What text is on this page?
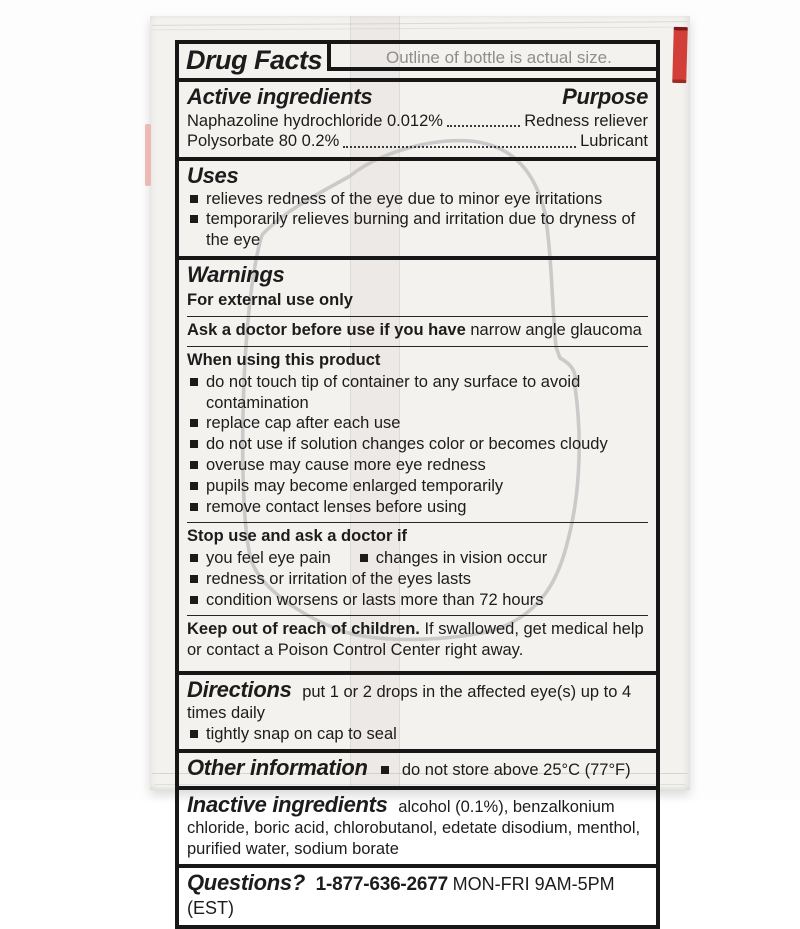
Drug Facts	Outline of bottle is actual size.
Active ingredients	Purpose
Naphazoline hydrochloride 0.012%	Redness reliever
Polysorbate 80 0.2%	Lubricant
Uses
relieves redness of the eye due to minor eye irritations
temporarily relieves burning and irritation due to dryness of the eye
Warnings
For external use only
Ask a doctor before use if you have narrow angle glaucoma
When using this product
do not touch tip of container to any surface to avoid contamination
replace cap after each use
do not use if solution changes color or becomes cloudy
overuse may cause more eye redness
pupils may become enlarged temporarily
remove contact lenses before using
Stop use and ask a doctor if
you feel eye pain	changes in vision occur
redness or irritation of the eyes lasts
condition worsens or lasts more than 72 hours
Keep out of reach of children. If swallowed, get medical help or contact a Poison Control Center right away.
Directions put 1 or 2 drops in the affected eye(s) up to 4 times daily
tightly snap on cap to seal
Other information do not store above 25°C (77°F)
Inactive ingredients alcohol (0.1%), benzalkonium chloride, boric acid, chlorobutanol, edetate disodium, menthol, purified water, sodium borate
Questions? 1-877-636-2677 MON-FRI 9AM-5PM (EST)
